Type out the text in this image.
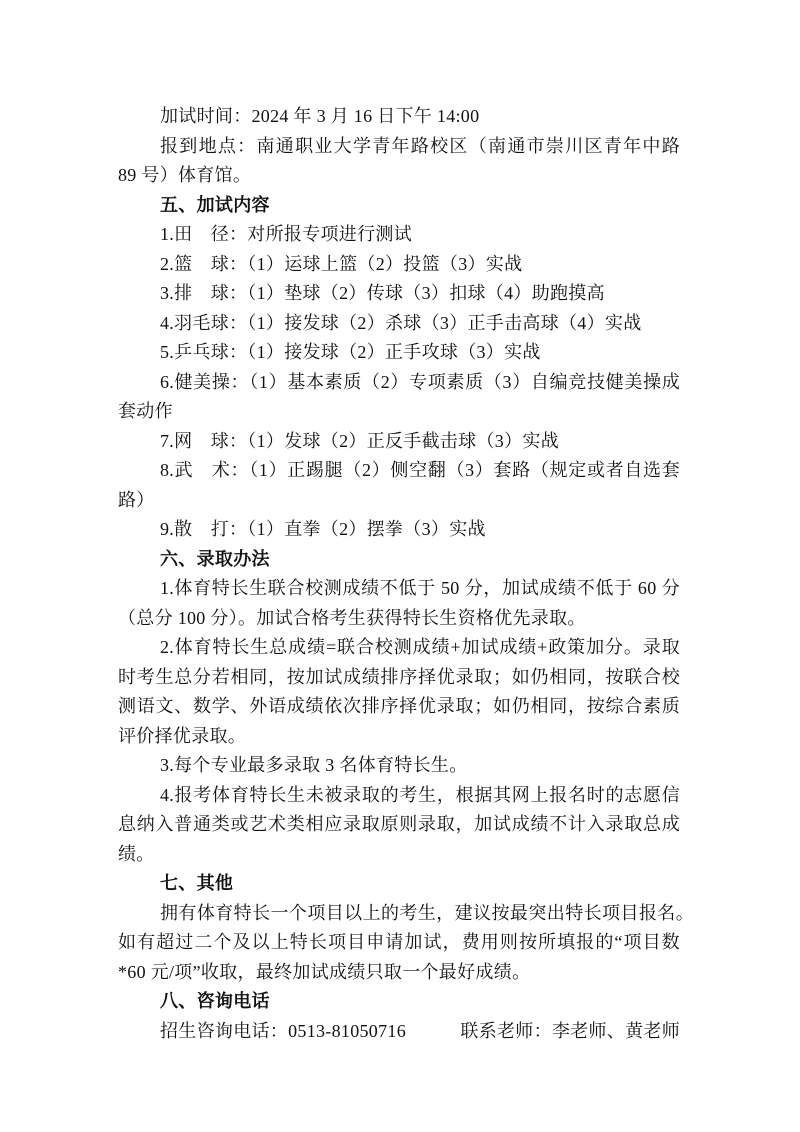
加试时间：2024 年 3 月 16 日下午 14:00
报到地点：南通职业大学青年路校区（南通市崇川区青年中路
89 号）体育馆。
五、加试内容
1.田　径：对所报专项进行测试
2.篮　球：（1）运球上篮（2）投篮（3）实战
3.排　球：（1）垫球（2）传球（3）扣球（4）助跑摸高
4.羽毛球：（1）接发球（2）杀球（3）正手击高球（4）实战
5.乒乓球：（1）接发球（2）正手攻球（3）实战
6.健美操：（1）基本素质（2）专项素质（3）自编竞技健美操成
套动作
7.网　球：（1）发球（2）正反手截击球（3）实战
8.武　术：（1）正踢腿（2）侧空翻（3）套路（规定或者自选套
路）
9.散　打：（1）直拳（2）摆拳（3）实战
六、录取办法
1.体育特长生联合校测成绩不低于 50 分，加试成绩不低于 60 分
（总分 100 分）。加试合格考生获得特长生资格优先录取。
2.体育特长生总成绩=联合校测成绩+加试成绩+政策加分。录取
时考生总分若相同，按加试成绩排序择优录取；如仍相同，按联合校
测语文、数学、外语成绩依次排序择优录取；如仍相同，按综合素质
评价择优录取。
3.每个专业最多录取 3 名体育特长生。
4.报考体育特长生未被录取的考生，根据其网上报名时的志愿信
息纳入普通类或艺术类相应录取原则录取，加试成绩不计入录取总成
绩。
七、其他
拥有体育特长一个项目以上的考生，建议按最突出特长项目报名。
如有超过二个及以上特长项目申请加试，费用则按所填报的“项目数
*60 元/项”收取，最终加试成绩只取一个最好成绩。
八、咨询电话
招生咨询电话：0513-81050716	联系老师：李老师、黄老师
